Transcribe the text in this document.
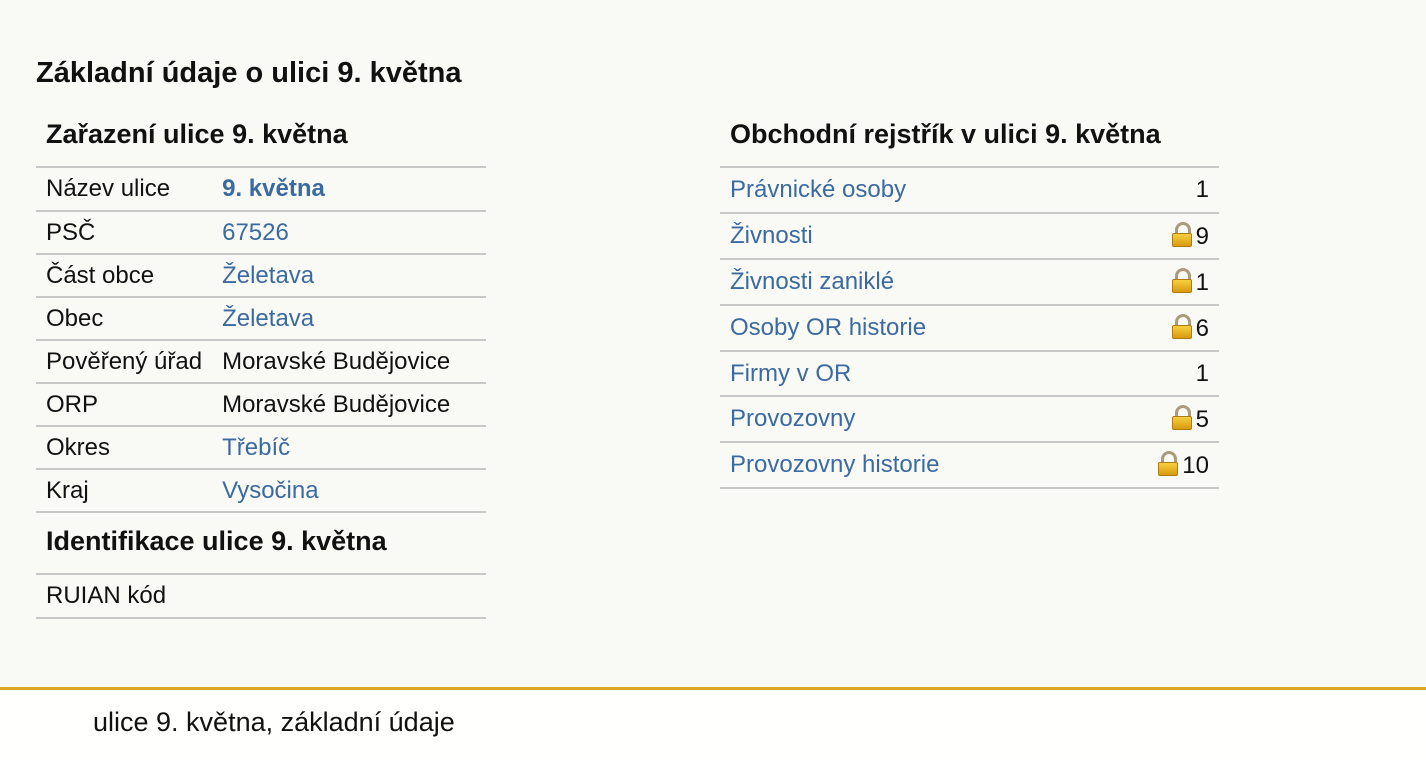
Základní údaje o ulici 9. května
Zařazení ulice 9. května
Název ulice	9. května
PSČ	67526
Část obce	Želetava
Obec	Želetava
Pověřený úřad	Moravské Budějovice
ORP	Moravské Budějovice
Okres	Třebíč
Kraj	Vysočina
Identifikace ulice 9. května
RUIAN kód	
Obchodní rejstřík v ulici 9. května
Právnické osoby	1
Živnosti	9
Živnosti zaniklé	1
Osoby OR historie	6
Firmy v OR	1
Provozovny	5
Provozovny historie	10
ulice 9. května, základní údaje
